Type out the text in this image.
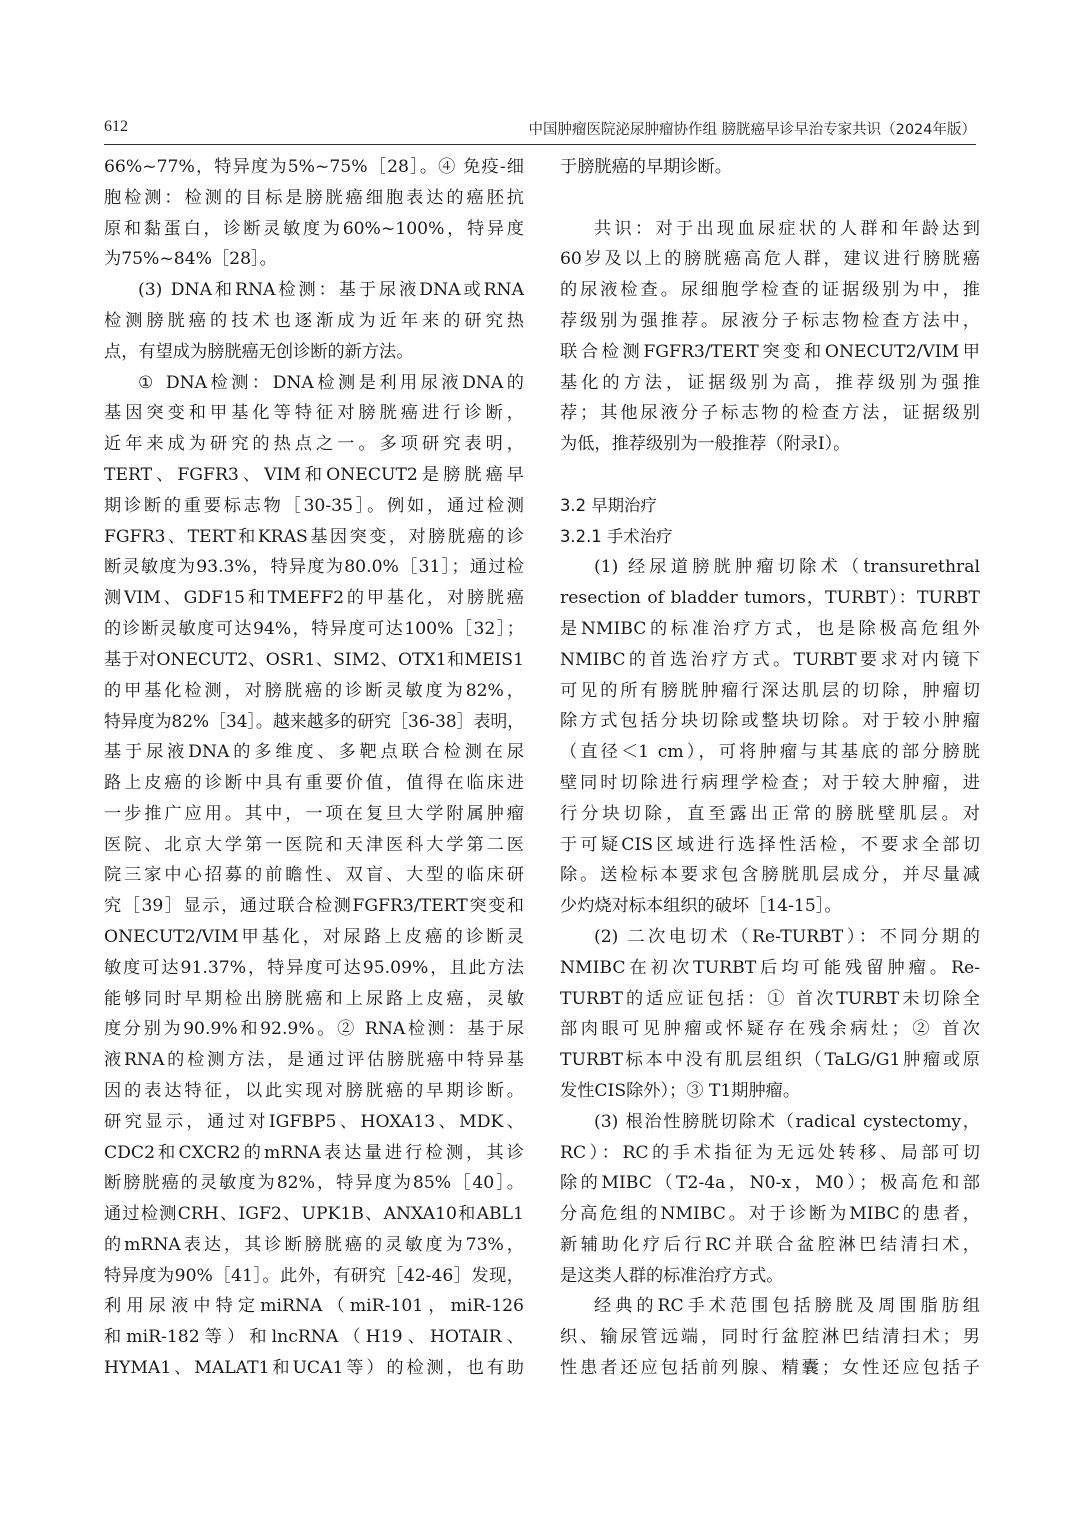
612	中国肿瘤医院泌尿肿瘤协作组 膀胱癌早诊早治专家共识（2024年版）
66%~77%，特异度为5%~75%［28］。④ 免疫-细
胞检测：检测的目标是膀胱癌细胞表达的癌胚抗
原和黏蛋白，诊断灵敏度为60%~100%，特异度
为75%~84%［28］。
(3) DNA和RNA检测：基于尿液DNA或RNA
检测膀胱癌的技术也逐渐成为近年来的研究热
点，有望成为膀胱癌无创诊断的新方法。
① DNA检测：DNA检测是利用尿液DNA的
基因突变和甲基化等特征对膀胱癌进行诊断，
近年来成为研究的热点之一。多项研究表明，
TERT、FGFR3、VIM和ONECUT2是膀胱癌早
期诊断的重要标志物［30-35］。例如，通过检测
FGFR3、TERT和KRAS基因突变，对膀胱癌的诊
断灵敏度为93.3%，特异度为80.0%［31］；通过检
测VIM、GDF15和TMEFF2的甲基化，对膀胱癌
的诊断灵敏度可达94%，特异度可达100%［32］；
基于对ONECUT2、OSR1、SIM2、OTX1和MEIS1
的甲基化检测，对膀胱癌的诊断灵敏度为82%，
特异度为82%［34］。越来越多的研究［36-38］表明，
基于尿液DNA的多维度、多靶点联合检测在尿
路上皮癌的诊断中具有重要价值，值得在临床进
一步推广应用。其中，一项在复旦大学附属肿瘤
医院、北京大学第一医院和天津医科大学第二医
院三家中心招募的前瞻性、双盲、大型的临床研
究［39］显示，通过联合检测FGFR3/TERT突变和
ONECUT2/VIM甲基化，对尿路上皮癌的诊断灵
敏度可达91.37%，特异度可达95.09%，且此方法
能够同时早期检出膀胱癌和上尿路上皮癌，灵敏
度分别为90.9%和92.9%。② RNA检测：基于尿
液RNA的检测方法，是通过评估膀胱癌中特异基
因的表达特征，以此实现对膀胱癌的早期诊断。
研究显示，通过对IGFBP5、HOXA13、MDK、
CDC2和CXCR2的mRNA表达量进行检测，其诊
断膀胱癌的灵敏度为82%，特异度为85%［40］。
通过检测CRH、IGF2、UPK1B、ANXA10和ABL1
的mRNA表达，其诊断膀胱癌的灵敏度为73%，
特异度为90%［41］。此外，有研究［42-46］发现，
利用尿液中特定miRNA（miR-101，miR-126
和miR-182等）和lncRNA（H19、HOTAIR、
HYMA1、MALAT1和UCA1等）的检测，也有助
于膀胱癌的早期诊断。
共识：对于出现血尿症状的人群和年龄达到
60岁及以上的膀胱癌高危人群，建议进行膀胱癌
的尿液检查。尿细胞学检查的证据级别为中，推
荐级别为强推荐。尿液分子标志物检查方法中，
联合检测FGFR3/TERT突变和ONECUT2/VIM甲
基化的方法，证据级别为高，推荐级别为强推
荐；其他尿液分子标志物的检查方法，证据级别
为低，推荐级别为一般推荐（附录Ⅰ）。
3.2 早期治疗
3.2.1 手术治疗
(1) 经尿道膀胱肿瘤切除术（transurethral
resection of bladder tumors，TURBT）：TURBT
是NMIBC的标准治疗方式，也是除极高危组外
NMIBC的首选治疗方式。TURBT要求对内镜下
可见的所有膀胱肿瘤行深达肌层的切除，肿瘤切
除方式包括分块切除或整块切除。对于较小肿瘤
（直径＜1 cm），可将肿瘤与其基底的部分膀胱
壁同时切除进行病理学检查；对于较大肿瘤，进
行分块切除，直至露出正常的膀胱壁肌层。对
于可疑CIS区域进行选择性活检，不要求全部切
除。送检标本要求包含膀胱肌层成分，并尽量减
少灼烧对标本组织的破坏［14-15］。
(2) 二次电切术（Re-TURBT）：不同分期的
NMIBC在初次TURBT后均可能残留肿瘤。Re-
TURBT的适应证包括：① 首次TURBT未切除全
部肉眼可见肿瘤或怀疑存在残余病灶；② 首次
TURBT标本中没有肌层组织（TaLG/G1肿瘤或原
发性CIS除外）；③ T1期肿瘤。
(3) 根治性膀胱切除术（radical cystectomy，
RC）：RC的手术指征为无远处转移、局部可切
除的MIBC（T2-4a，N0-x，M0）；极高危和部
分高危组的NMIBC。对于诊断为MIBC的患者，
新辅助化疗后行RC并联合盆腔淋巴结清扫术，
是这类人群的标准治疗方式。
经典的RC手术范围包括膀胱及周围脂肪组
织、输尿管远端，同时行盆腔淋巴结清扫术；男
性患者还应包括前列腺、精囊；女性还应包括子
